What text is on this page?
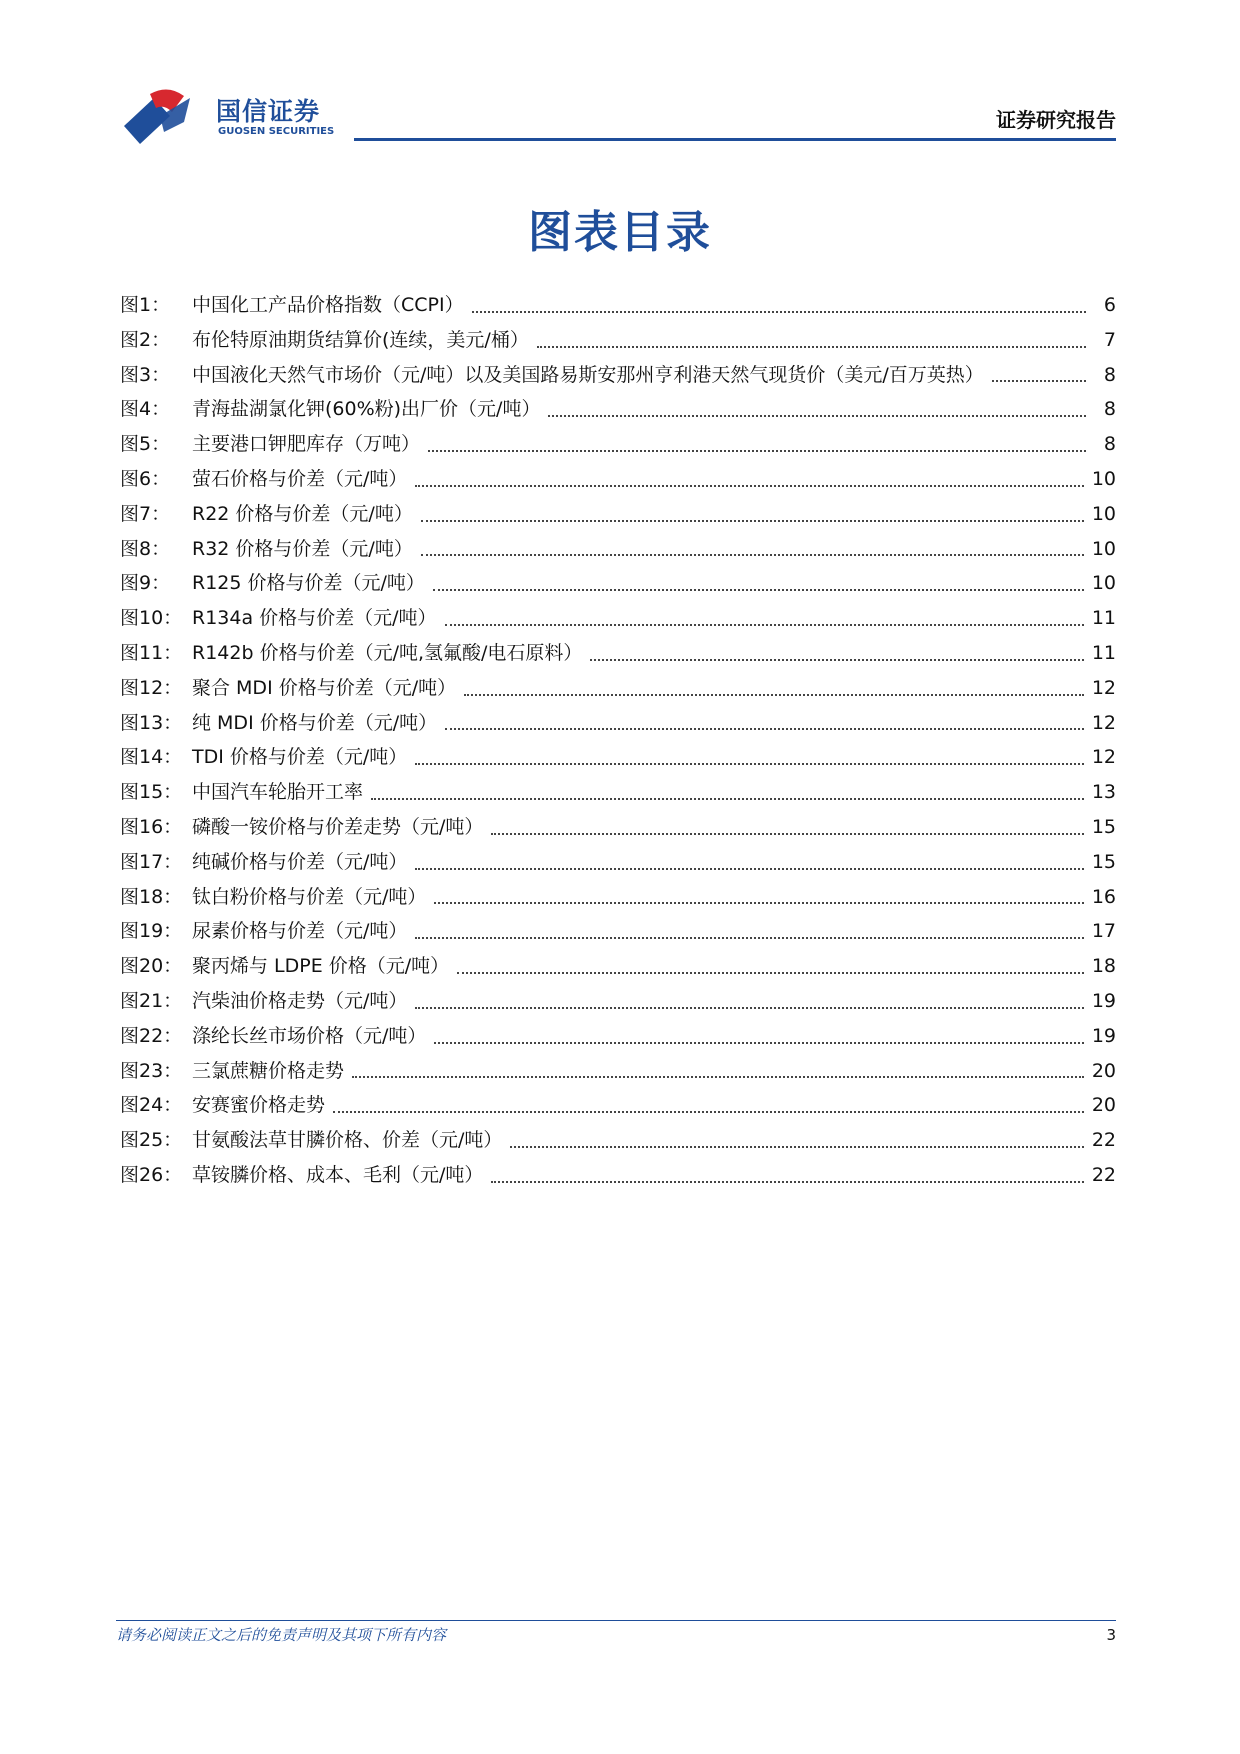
国信证券
GUOSEN SECURITIES	证券研究报告
图表目录
图1：	中国化工产品价格指数（CCPI）	6
图2：	布伦特原油期货结算价(连续，美元/桶）	7
图3：	中国液化天然气市场价（元/吨）以及美国路易斯安那州亨利港天然气现货价（美元/百万英热）	8
图4：	青海盐湖氯化钾(60%粉)出厂价（元/吨）	8
图5：	主要港口钾肥库存（万吨）	8
图6：	萤石价格与价差（元/吨）	10
图7：	R22 价格与价差（元/吨）	10
图8：	R32 价格与价差（元/吨）	10
图9：	R125 价格与价差（元/吨）	10
图10： R134a 价格与价差（元/吨）	11
图11： R142b 价格与价差（元/吨,氢氟酸/电石原料）	11
图12： 聚合 MDI 价格与价差（元/吨）	12
图13： 纯 MDI 价格与价差（元/吨）	12
图14： TDI 价格与价差（元/吨）	12
图15： 中国汽车轮胎开工率	13
图16： 磷酸一铵价格与价差走势（元/吨）	15
图17： 纯碱价格与价差（元/吨）	15
图18： 钛白粉价格与价差（元/吨）	16
图19： 尿素价格与价差（元/吨）	17
图20： 聚丙烯与 LDPE 价格（元/吨）	18
图21： 汽柴油价格走势（元/吨）	19
图22： 涤纶长丝市场价格（元/吨）	19
图23： 三氯蔗糖价格走势	20
图24： 安赛蜜价格走势	20
图25： 甘氨酸法草甘膦价格、价差（元/吨）	22
图26： 草铵膦价格、成本、毛利（元/吨）	22
请务必阅读正文之后的免责声明及其项下所有内容	3
